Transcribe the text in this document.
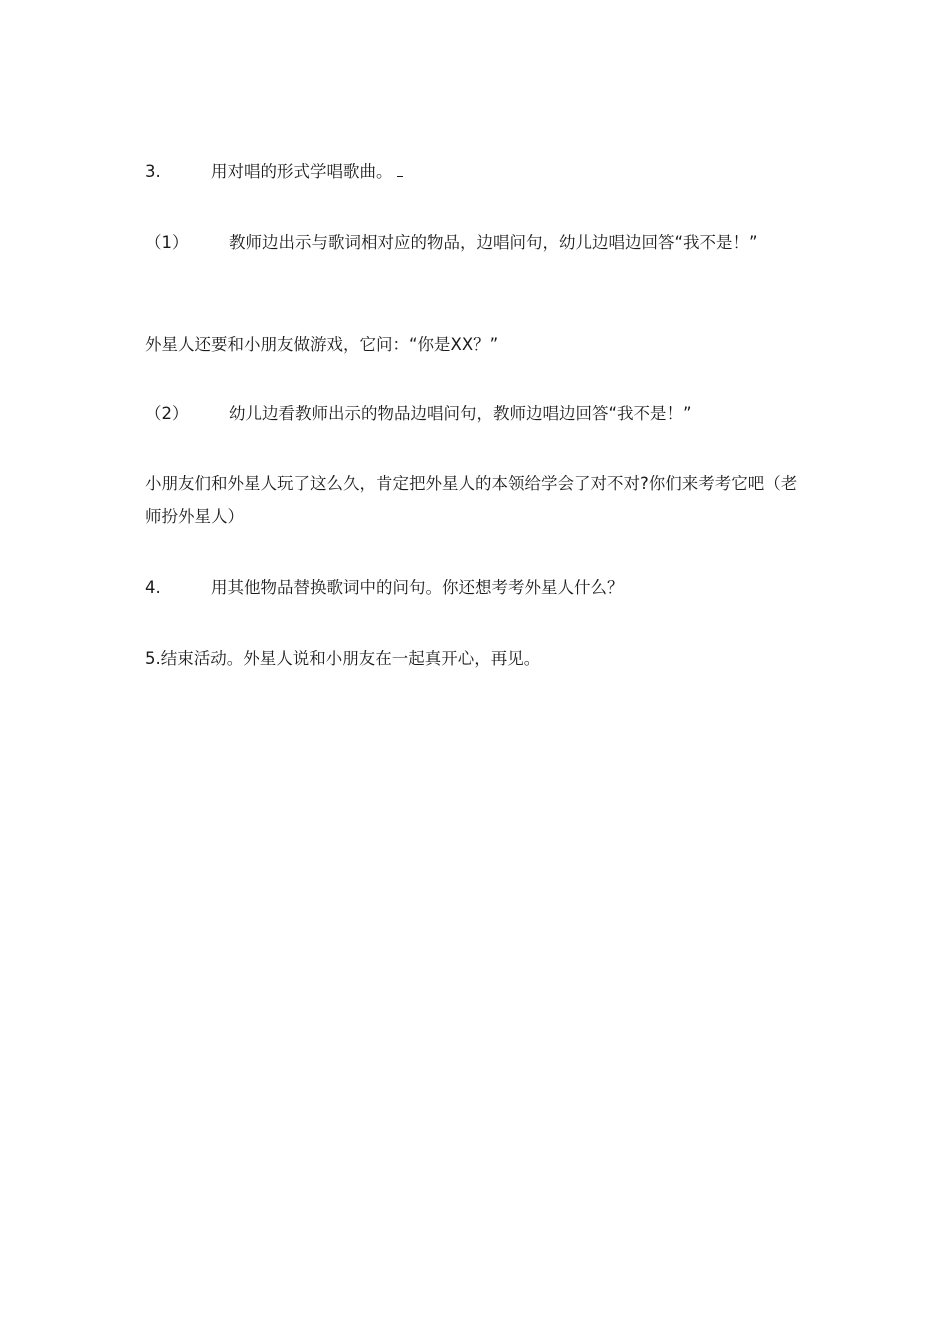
3.	用对唱的形式学唱歌曲。

（1） 教师边出示与歌词相对应的物品，边唱问句，幼儿边唱边回答“我不是！”

外星人还要和小朋友做游戏，它问：“你是XX？”

（2） 幼儿边看教师出示的物品边唱问句，教师边唱边回答“我不是！”

小朋友们和外星人玩了这么久，肯定把外星人的本领给学会了对不对?你们来考考它吧（老师扮外星人）

4.	用其他物品替换歌词中的问句。你还想考考外星人什么？

5.结束活动。外星人说和小朋友在一起真开心，再见。
